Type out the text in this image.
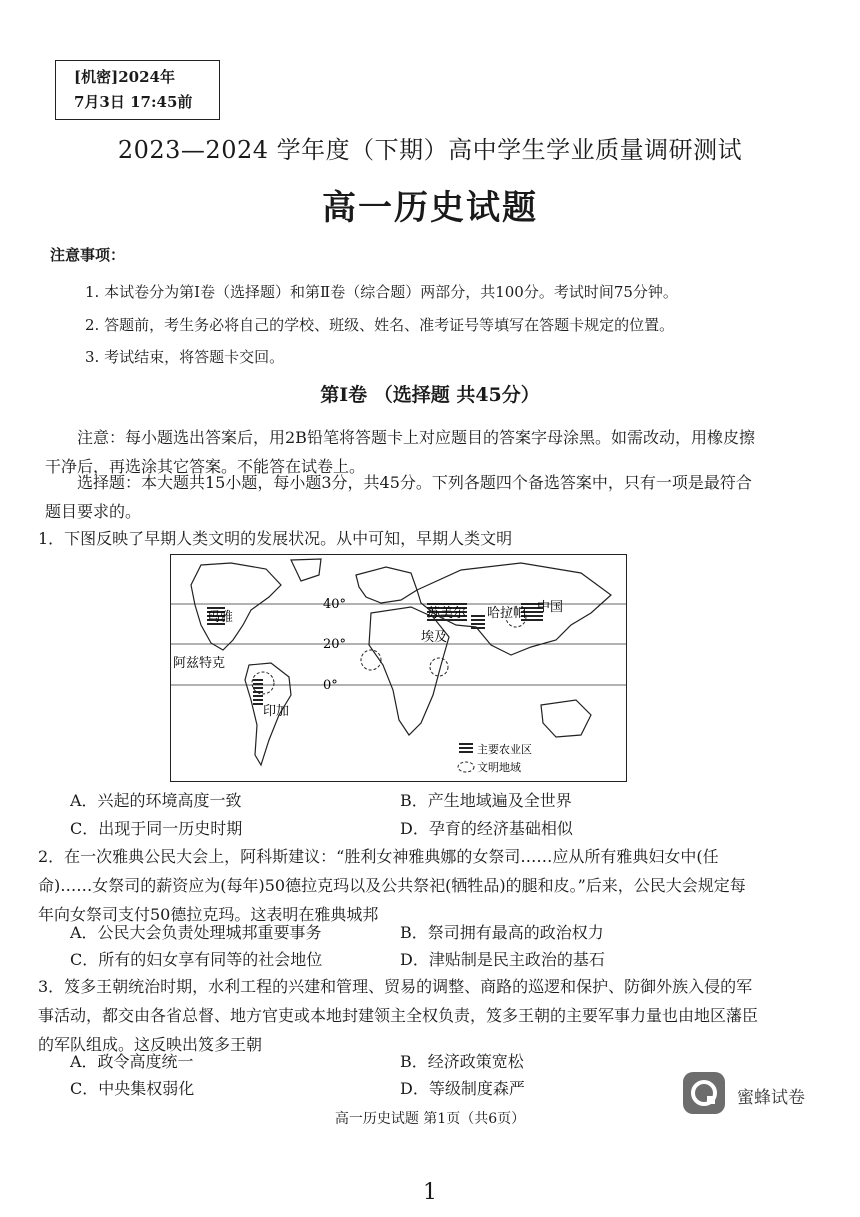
[机密]2024年
7月3日 17:45前
2023—2024 学年度（下期）高中学生学业质量调研测试
高一历史试题
注意事项：
1. 本试卷分为第Ⅰ卷（选择题）和第Ⅱ卷（综合题）两部分，共100分。考试时间75分钟。
2. 答题前，考生务必将自己的学校、班级、姓名、准考证号等填写在答题卡规定的位置。
3. 考试结束，将答题卡交回。
第Ⅰ卷 （选择题 共45分）
注意：每小题选出答案后，用2B铅笔将答题卡上对应题目的答案字母涂黑。如需改动，用橡皮擦干净后，再选涂其它答案。不能答在试卷上。
选择题：本大题共15小题，每小题3分，共45分。下列各题四个备选答案中，只有一项是最符合题目要求的。
1．下图反映了早期人类文明的发展状况。从中可知，早期人类文明
40°
20°
0°
玛雅
阿兹特克
印加
埃及
苏美尔 哈拉帕 中国
主要农业区
文明地域
A．兴起的环境高度一致	B．产生地域遍及全世界
C．出现于同一历史时期	D．孕育的经济基础相似
2．在一次雅典公民大会上，阿科斯建议：“胜利女神雅典娜的女祭司……应从所有雅典妇女中(任命)……女祭司的薪资应为(每年)50德拉克玛以及公共祭祀(牺牲品)的腿和皮。”后来，公民大会规定每年向女祭司支付50德拉克玛。这表明在雅典城邦
A．公民大会负责处理城邦重要事务	B．祭司拥有最高的政治权力
C．所有的妇女享有同等的社会地位	D．津贴制是民主政治的基石
3．笈多王朝统治时期，水利工程的兴建和管理、贸易的调整、商路的巡逻和保护、防御外族入侵的军事活动，都交由各省总督、地方官吏或本地封建领主全权负责，笈多王朝的主要军事力量也由地区藩臣的军队组成。这反映出笈多王朝
A．政令高度统一	B．经济政策宽松
C．中央集权弱化	D．等级制度森严	蜜蜂试卷
高一历史试题 第1页（共6页）
1
